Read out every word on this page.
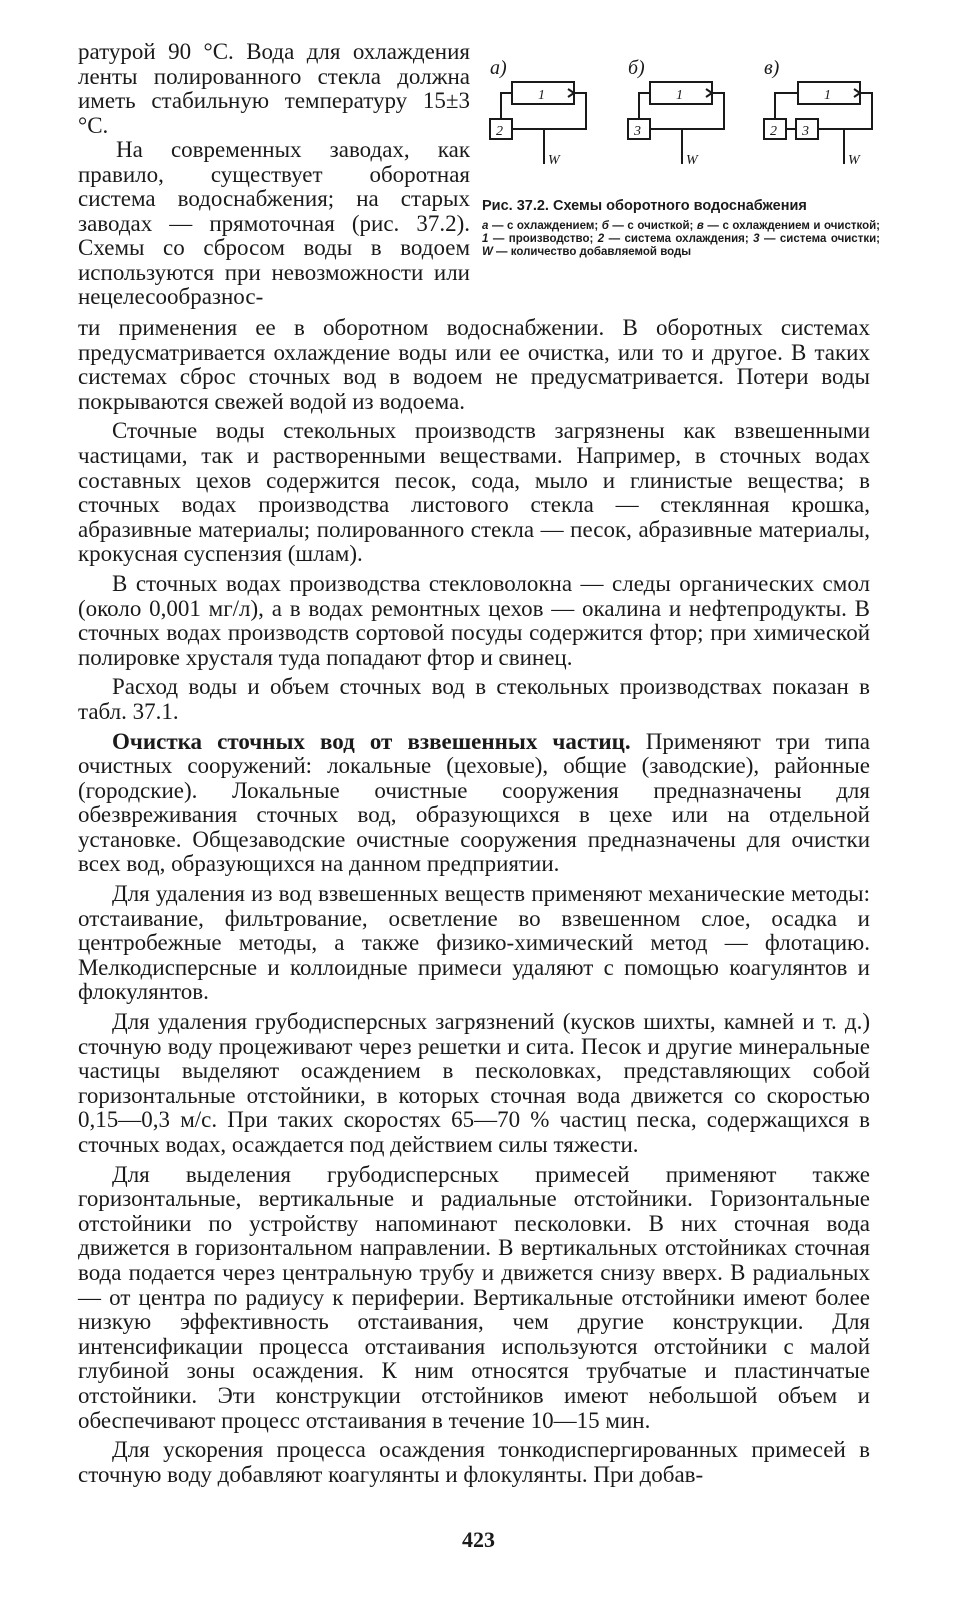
ратурой 90 °С. Вода для охлаждения ленты полированного стекла должна иметь стабильную температуру 15±3 °С.

На современных заводах, как правило, существует оборотная система водоснабжения; на старых заводах — прямоточная (рис. 37.2). Схемы со сбросом воды в водоем используются при невозможности или нецелесообразнос-

а)	б)	в)
1
2
1
3
1
2 3
W	W	W

Рис. 37.2. Схемы оборотного водоснабжения

а — с охлаждением; б — с очисткой; в — с охлаждением и очисткой; 1 — производство; 2 — система охлаждения; 3 — система очистки; W — количество добавляемой воды

ти применения ее в оборотном водоснабжении. В оборотных системах предусматривается охлаждение воды или ее очистка, или то и другое. В таких системах сброс сточных вод в водоем не предусматривается. Потери воды покрываются свежей водой из водоема.

Сточные воды стекольных производств загрязнены как взвешенными частицами, так и растворенными веществами. Например, в сточных водах составных цехов содержится песок, сода, мыло и глинистые вещества; в сточных водах производства листового стекла — стеклянная крошка, абразивные материалы; полированного стекла — песок, абразивные материалы, крокусная суспензия (шлам).

В сточных водах производства стекловолокна — следы органических смол (около 0,001 мг/л), а в водах ремонтных цехов — окалина и нефтепродукты. В сточных водах производств сортовой посуды содержится фтор; при химической полировке хрусталя туда попадают фтор и свинец.

Расход воды и объем сточных вод в стекольных производствах показан в табл. 37.1.

Очистка сточных вод от взвешенных частиц. Применяют три типа очистных сооружений: локальные (цеховые), общие (заводские), районные (городские). Локальные очистные сооружения предназначены для обезвреживания сточных вод, образующихся в цехе или на отдельной установке. Общезаводские очистные сооружения предназначены для очистки всех вод, образующихся на данном предприятии.

Для удаления из вод взвешенных веществ применяют механические методы: отстаивание, фильтрование, осветление во взвешенном слое, осадка и центробежные методы, а также физико-химический метод — флотацию. Мелкодисперсные и коллоидные примеси удаляют с помощью коагулянтов и флокулянтов.

Для удаления грубодисперсных загрязнений (кусков шихты, камней и т. д.) сточную воду процеживают через решетки и сита. Песок и другие минеральные частицы выделяют осаждением в песколовках, представляющих собой горизонтальные отстойники, в которых сточная вода движется со скоростью 0,15—0,3 м/с. При таких скоростях 65—70 % частиц песка, содержащихся в сточных водах, осаждается под действием силы тяжести.

Для выделения грубодисперсных примесей применяют также горизонтальные, вертикальные и радиальные отстойники. Горизонтальные отстойники по устройству напоминают песколовки. В них сточная вода движется в горизонтальном направлении. В вертикальных отстойниках сточная вода подается через центральную трубу и движется снизу вверх. В радиальных — от центра по радиусу к периферии. Вертикальные отстойники имеют более низкую эффективность отстаивания, чем другие конструкции. Для интенсификации процесса отстаивания используются отстойники с малой глубиной зоны осаждения. К ним относятся трубчатые и пластинчатые отстойники. Эти конструкции отстойников имеют небольшой объем и обеспечивают процесс отстаивания в течение 10—15 мин.

Для ускорения процесса осаждения тонкодиспергированных примесей в сточную воду добавляют коагулянты и флокулянты. При добав-

423
